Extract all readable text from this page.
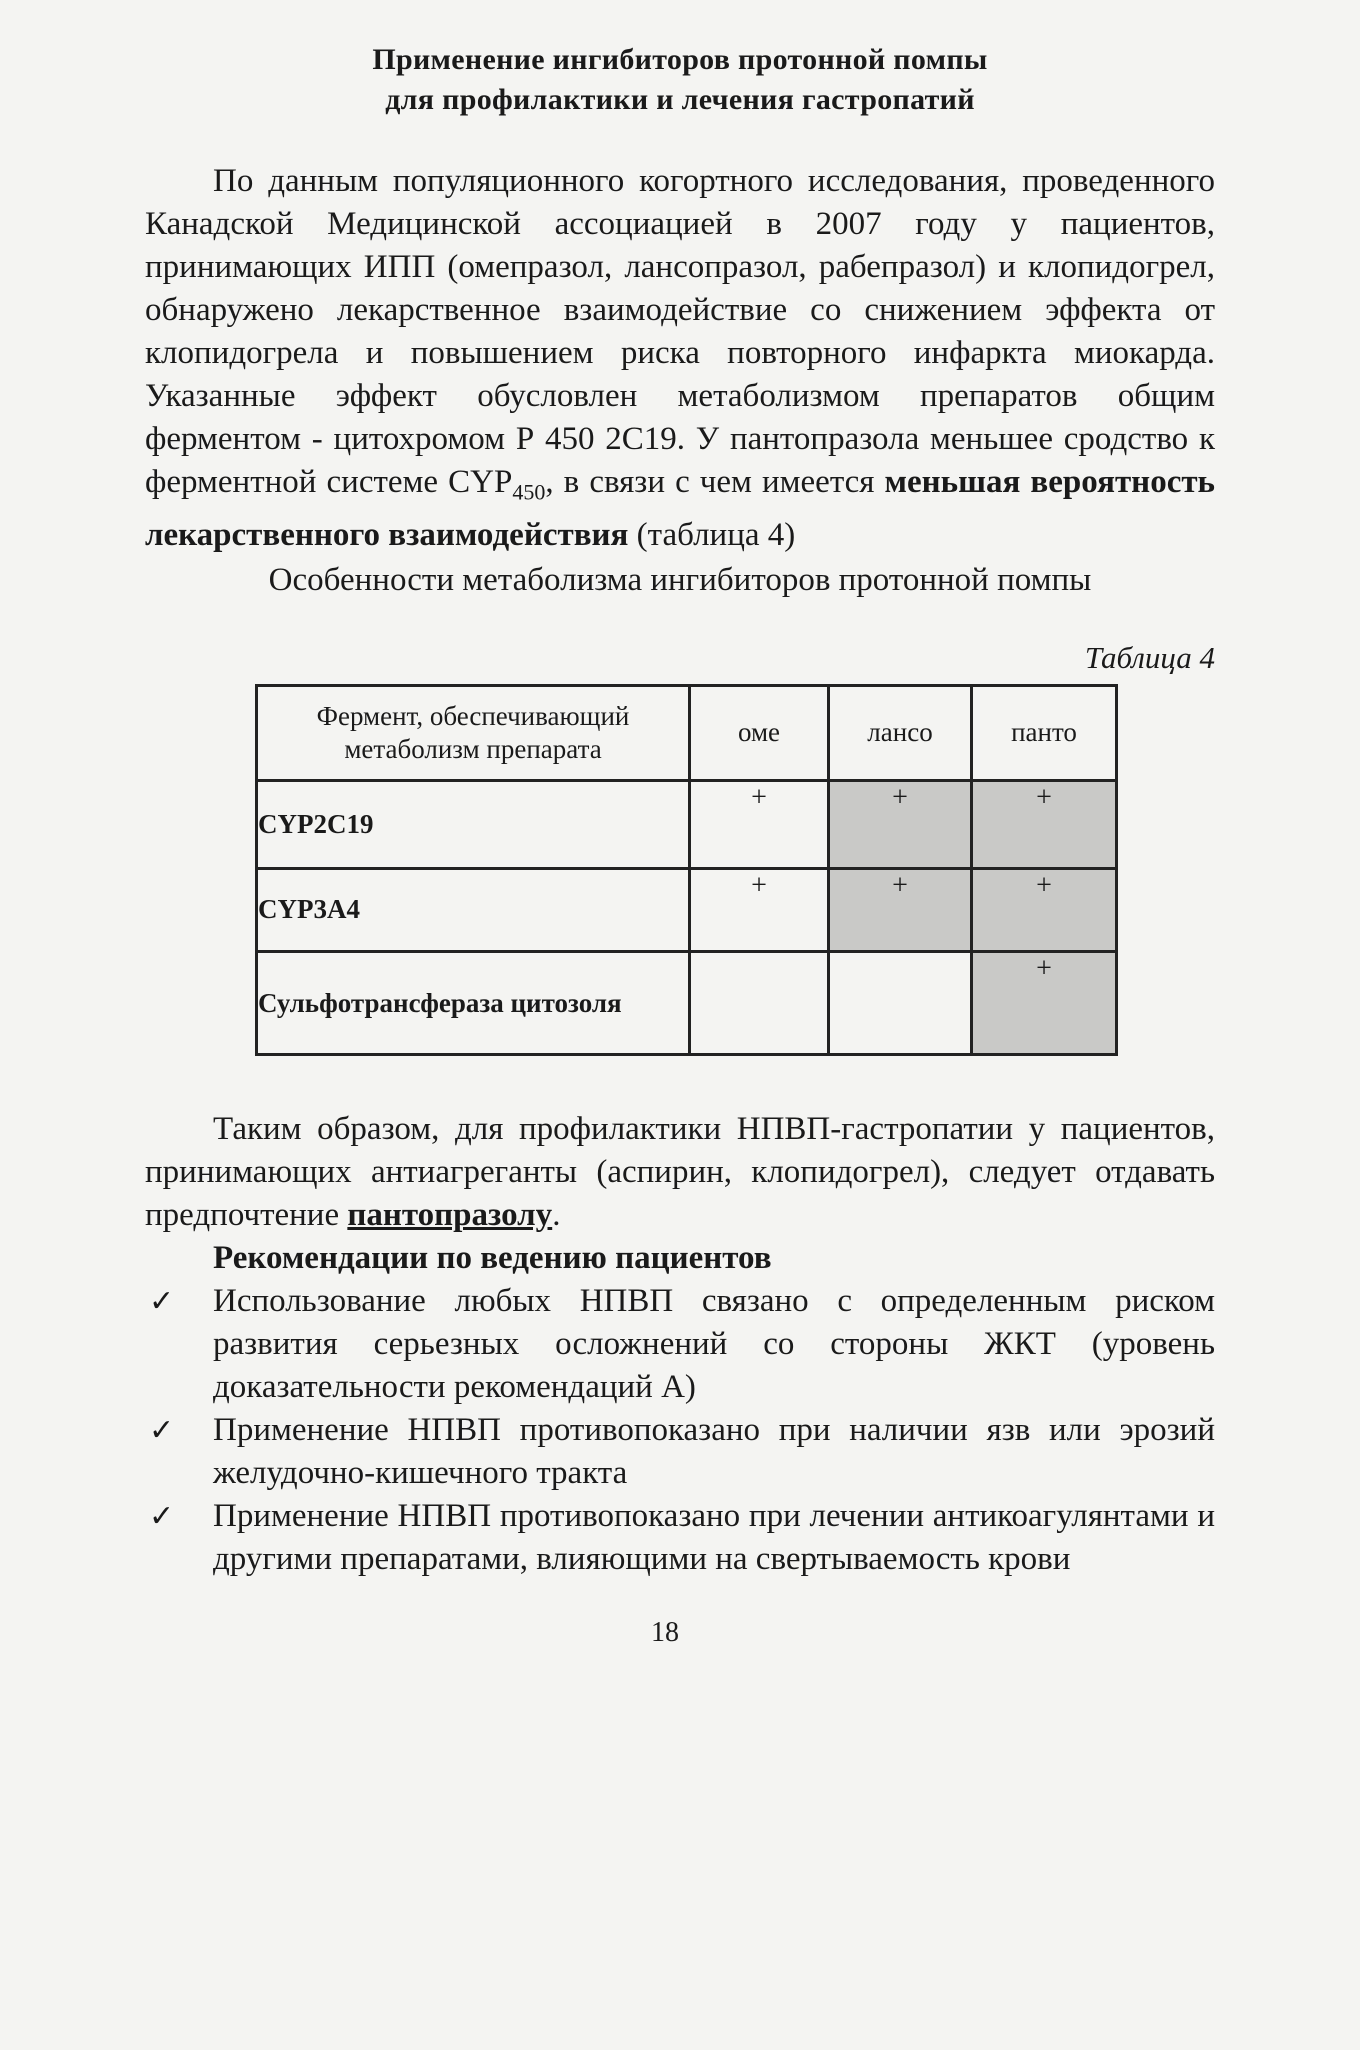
Применение ингибиторов протонной помпы
для профилактики и лечения гастропатий

По данным популяционного когортного исследования, проведенного Канадской Медицинской ассоциацией в 2007 году у пациентов, принимающих ИПП (омепразол, лансопразол, рабепразол) и клопидогрел, обнаружено лекарственное взаимодействие со снижением эффекта от клопидогрела и повышением риска повторного инфаркта миокарда. Указанные эффект обусловлен метаболизмом препаратов общим ферментом - цитохромом Р 450 2С19. У пантопразола меньшее сродство к ферментной системе $CYP_{450}$, в связи с чем имеется меньшая вероятность лекарственного взаимодействия (таблица 4)

Особенности метаболизма ингибиторов протонной помпы
Таблица 4
Фермент, обеспечивающий метаболизм препарата	оме	лансо	панто
CYP2C19	+	+	+
CYP3A4	+	+	+
Сульфотрансфераза цитозоля			+

Таким образом, для профилактики НПВП-гастропатии у пациентов, принимающих антиагреганты (аспирин, клопидогрел), следует отдавать предпочтение пантопразолу.

Рекомендации по ведению пациентов
✓ Использование любых НПВП связано с определенным риском развития серьезных осложнений со стороны ЖКТ (уровень доказательности рекомендаций А)
✓ Применение НПВП противопоказано при наличии язв или эрозий желудочно-кишечного тракта
✓ Применение НПВП противопоказано при лечении антикоагулянтами и другими препаратами, влияющими на свертываемость крови
18
